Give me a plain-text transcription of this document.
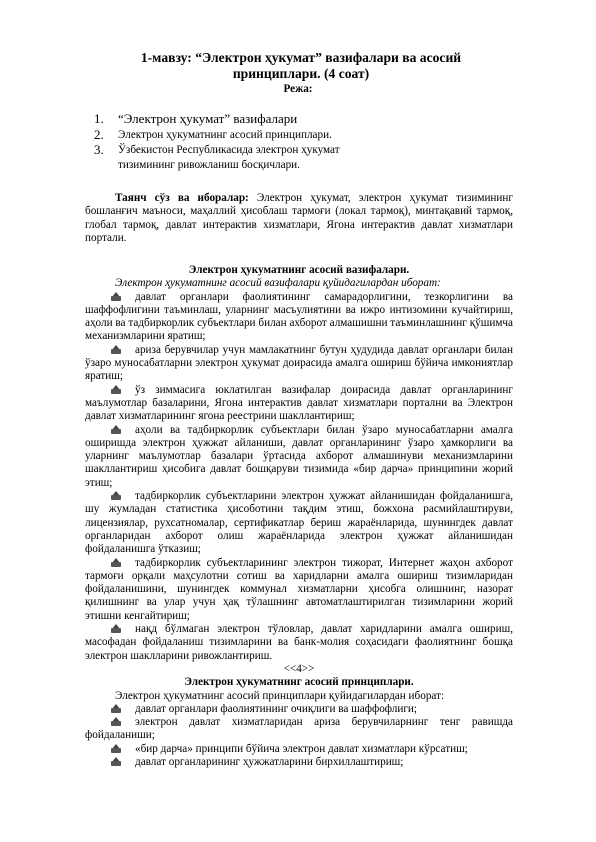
1-мавзу: “Электрон ҳукумат” вазифалари ва асосий принциплари. (4 соат)
Режа:
1.	“Электрон ҳукумат” вазифалари
2.	Электрон ҳукуматнинг асосий принциплари.
3.	Ўзбекистон Республикасида электрон ҳукумат тизимининг ривожланиш босқичлари.

Таянч сўз ва иборалар: Электрон ҳукумат, электрон ҳукумат тизимининг бошланғич маъноси, маҳаллий ҳисоблаш тармоғи (локал тармоқ), минтақавий тармоқ, глобал тармоқ, давлат интерактив хизматлари, Ягона интерактив давлат хизматлари портали.

Электрон ҳукуматнинг асосий вазифалари.

Электрон ҳукуматнинг асосий вазифалари қуйидагилардан иборат:

давлат органлари фаолиятининг самарадорлигини, тезкорлигини ва шаффофлигини таъминлаш, уларнинг масъулиятини ва ижро интизомини кучайтириш, аҳоли ва тадбиркорлик субъектлари билан ахборот алмашишни таъминлашнинг қўшимча механизмларини яратиш;

ариза берувчилар учун мамлакатнинг бутун ҳудудида давлат органлари билан ўзаро муносабатларни электрон ҳукумат доирасида амалга ошириш бўйича имкониятлар яратиш;

ўз зиммасига юклатилган вазифалар доирасида давлат органларининг маълумотлар базаларини, Ягона интерактив давлат хизматлари портални ва Электрон давлат хизматларининг ягона реестрини шакллантириш;

аҳоли ва тадбиркорлик субъектлари билан ўзаро муносабатларни амалга оширишда электрон ҳужжат айланиши, давлат органларининг ўзаро ҳамкорлиги ва уларнинг маълумотлар базалари ўртасида ахборот алмашинуви механизмларини шакллантириш ҳисобига давлат бошқаруви тизимида «бир дарча» принципини жорий этиш;

тадбиркорлик субъектларини электрон ҳужжат айланишидан фойдаланишга, шу жумладан статистика ҳисоботини тақдим этиш, божхона расмийлаштируви, лицензиялар, рухсатномалар, сертификатлар бериш жараёнларида, шунингдек давлат органларидан ахборот олиш жараёнларида электрон ҳужжат айланишидан фойдаланишга ўтказиш;

тадбиркорлик субъектларининг электрон тижорат, Интернет жаҳон ахборот тармоғи орқали маҳсулотни сотиш ва харидларни амалга ошириш тизимларидан фойдаланишини, шунингдек коммунал хизматларни ҳисобга олишнинг, назорат қилишнинг ва улар учун ҳақ тўлашнинг автоматлаштирилган тизимларини жорий этишни кенгайтириш;

нақд бўлмаган электрон тўловлар, давлат харидларини амалга ошириш, масофадан фойдаланиш тизимларини ва банк-молия соҳасидаги фаолиятнинг бошқа электрон шаклларини ривожлантириш.

<<4>>

Электрон ҳукуматнинг асосий принциплари.

Электрон ҳукуматнинг асосий принциплари қуйидагилардан иборат:

давлат органлари фаолиятининг очиқлиги ва шаффофлиги;

электрон давлат хизматларидан ариза берувчиларнинг тенг равишда фойдаланиши;

«бир дарча» принципи бўйича электрон давлат хизматлари кўрсатиш;

давлат органларининг ҳужжатларини бирхиллаштириш;
